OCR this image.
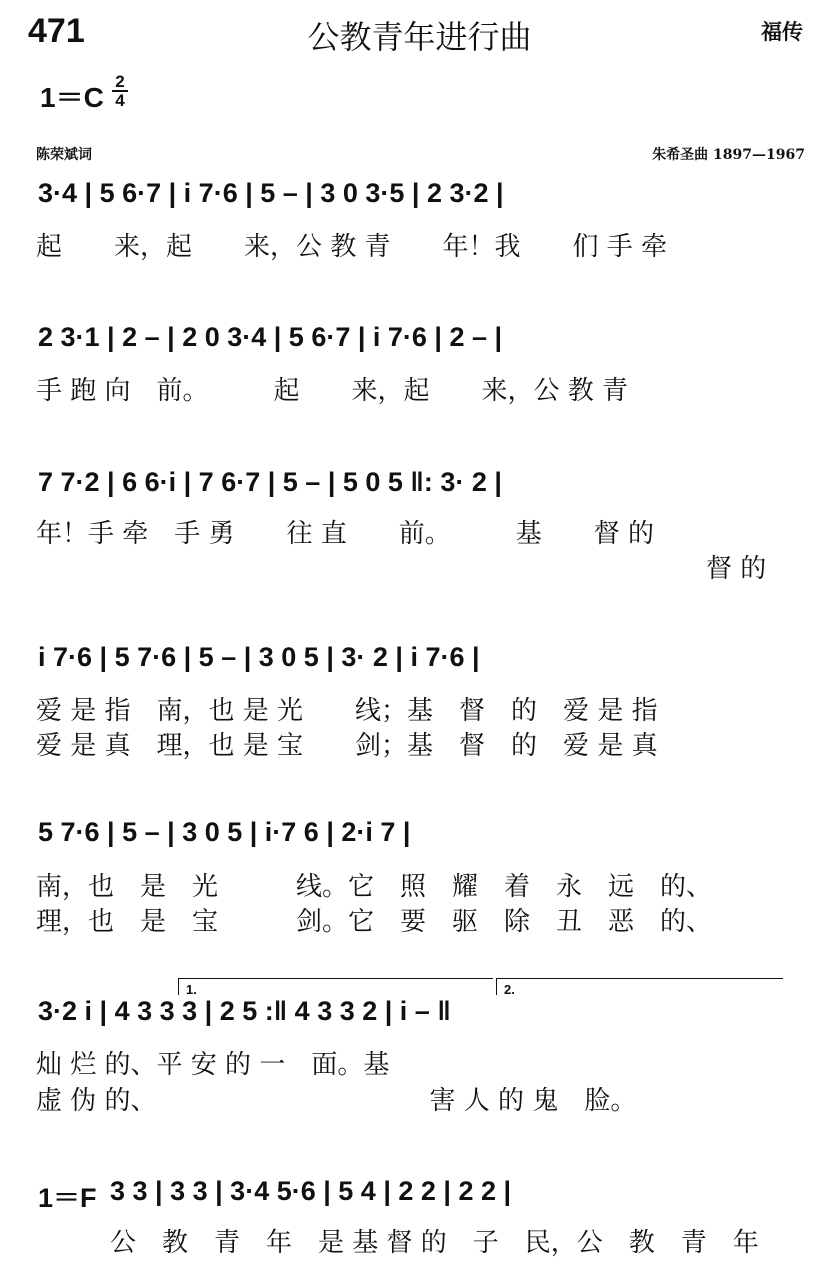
471	公教青年进行曲	福传
1＝C
2
4
陈荣斌词	朱希圣曲 1897—1967
3·4 | 5 6·7 | i 7·6 | 5 – | 3 0 3·5 | 2 3·2 |
起　　来，起　　来，公 教 青　　年！我　　们 手 牵
2 3·1 | 2 – | 2 0 3·4 | 5 6·7 | i 7·6 | 2 – |
手 跑 向　前。　　　起　　来，起　　来，公 教 青
7 7·2 | 6 6·i | 7 6·7 | 5 – | 5 0 5 ‖: 3· 2 |
年！手 牵　手 勇　　往 直　　前。　　　基　　督 的
督 的
i 7·6 | 5 7·6 | 5 – | 3 0 5 | 3· 2 | i 7·6 |
爱 是 指　南，也 是 光　　线；基　督　的　爱 是 指
爱 是 真　理，也 是 宝　　剑；基　督　的　爱 是 真
5 7·6 | 5 – | 3 0 5 | i·7 6 | 2·i 7 |
南，也　是　光　　　线。它　照　耀　着　永　远　的、
理，也　是　宝　　　剑。它　要　驱　除　丑　恶　的、
1.	2.
3·2 i | 4 3 3 3 | 2 5 :‖ 4 3 3 2 | i – ‖
灿 烂 的、平 安 的 一　面。基
虚 伪 的、　　　　　　　　　　　害 人 的 鬼　脸。
1＝F 3 3 | 3 3 | 3·4 5·6 | 5 4 | 2 2 | 2 2 |
公　教　青　年　是 基 督 的　子　民，公　教　青　年
